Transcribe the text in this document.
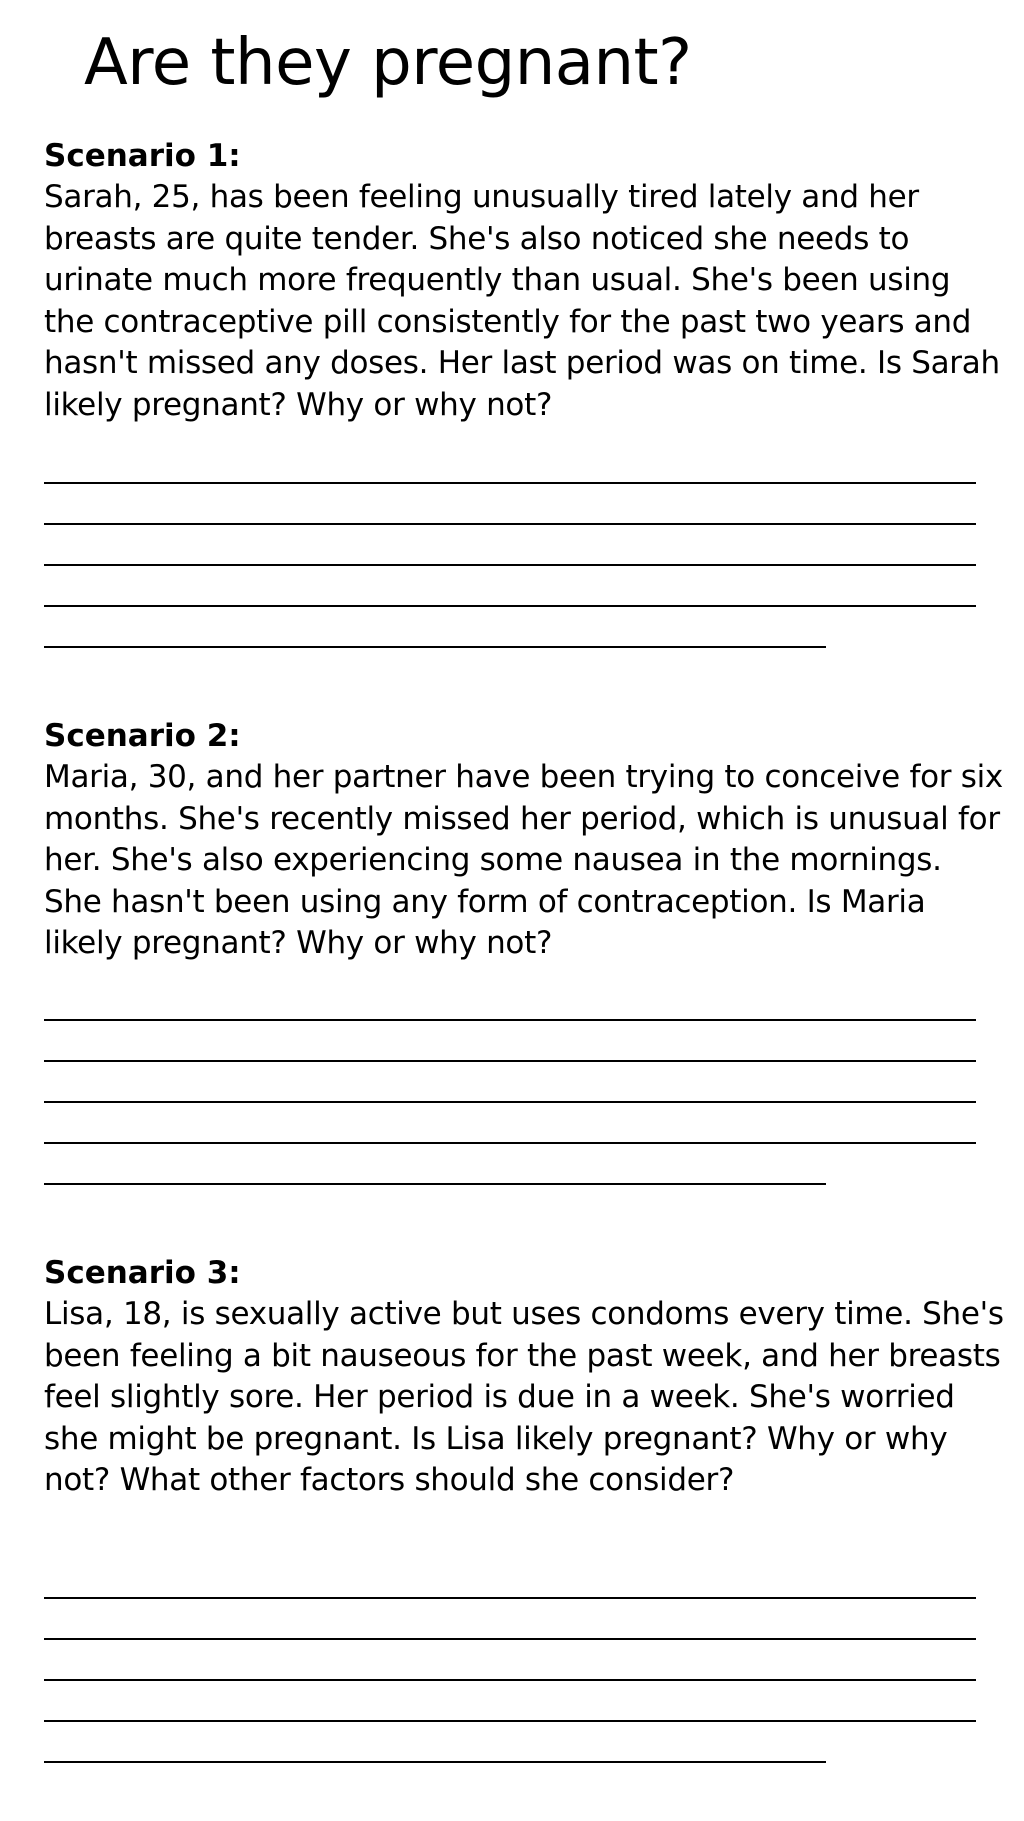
Are they pregnant?

Scenario 1:

Sarah, 25, has been feeling unusually tired lately and her breasts are quite tender. She's also noticed she needs to urinate much more frequently than usual. She's been using the contraceptive pill consistently for the past two years and hasn't missed any doses. Her last period was on time. Is Sarah likely pregnant? Why or why not?

Scenario 2:

Maria, 30, and her partner have been trying to conceive for six months. She's recently missed her period, which is unusual for her. She's also experiencing some nausea in the mornings. She hasn't been using any form of contraception. Is Maria likely pregnant? Why or why not?

Scenario 3:

Lisa, 18, is sexually active but uses condoms every time. She's been feeling a bit nauseous for the past week, and her breasts feel slightly sore. Her period is due in a week. She's worried she might be pregnant. Is Lisa likely pregnant? Why or why not? What other factors should she consider?
